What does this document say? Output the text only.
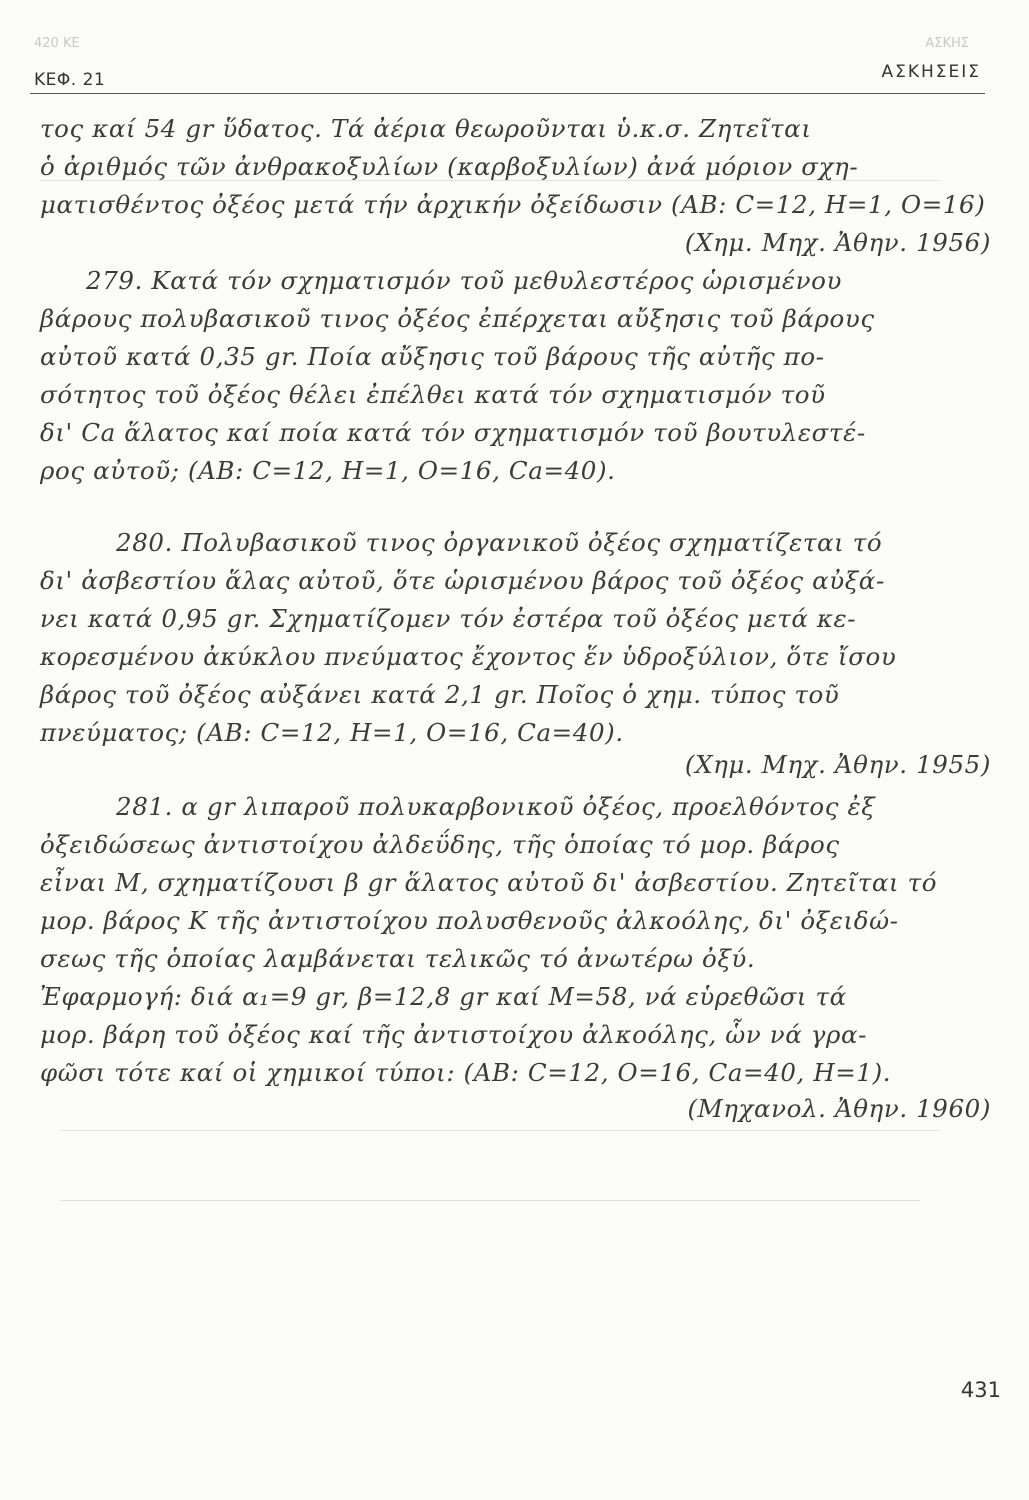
420 ΚΕ	ΑΣΚΗΣ
ΚΕΦ. 21	ΑΣΚΗΣΕΙΣ
τος καί 54 gr ὕδατος. Τά ἀέρια θεωροῦνται ὑ.κ.σ. Ζητεῖται
ὁ ἀριθμός τῶν ἀνθρακοξυλίων (καρβοξυλίων) ἀνά μόριον σχη-
ματισθέντος ὀξέος μετά τήν ἀρχικήν ὀξείδωσιν (ΑΒ: C=12, Η=1, O=16)
(Χημ. Μηχ. Ἀθην. 1956)
279. Κατά τόν σχηματισμόν τοῦ μεθυλεστέρος ὡρισμένου
βάρους πολυβασικοῦ τινος ὀξέος ἐπέρχεται αὔξησις τοῦ βάρους
αὐτοῦ κατά 0,35 gr. Ποία αὔξησις τοῦ βάρους τῆς αὐτῆς πο-
σότητος τοῦ ὀξέος θέλει ἐπέλθει κατά τόν σχηματισμόν τοῦ
δι' Ca ἅλατος καί ποία κατά τόν σχηματισμόν τοῦ βουτυλεστέ-
ρος αὐτοῦ; (ΑΒ: C=12, H=1, O=16, Ca=40).
280. Πολυβασικοῦ τινος ὀργανικοῦ ὀξέος σχηματίζεται τό
δι' ἀσβεστίου ἅλας αὐτοῦ, ὅτε ὡρισμένου βάρος τοῦ ὀξέος αὐξά-
νει κατά 0,95 gr. Σχηματίζομεν τόν ἐστέρα τοῦ ὀξέος μετά κε-
κορεσμένου ἀκύκλου πνεύματος ἔχοντος ἕν ὑδροξύλιον, ὅτε ἴσου
βάρος τοῦ ὀξέος αὐξάνει κατά 2,1 gr. Ποῖος ὁ χημ. τύπος τοῦ
πνεύματος; (ΑΒ: C=12, H=1, O=16, Ca=40).
(Χημ. Μηχ. Ἀθην. 1955)
281. α gr λιπαροῦ πολυκαρβονικοῦ ὀξέος, προελθόντος ἐξ
ὀξειδώσεως ἀντιστοίχου ἀλδεΰδης, τῆς ὁποίας τό μορ. βάρος
εἶναι Μ, σχηματίζουσι β gr ἅλατος αὐτοῦ δι' ἀσβεστίου. Ζητεῖται τό
μορ. βάρος Κ τῆς ἀντιστοίχου πολυσθενοῦς ἀλκοόλης, δι' ὀξειδώ-
σεως τῆς ὁποίας λαμβάνεται τελικῶς τό ἀνωτέρω ὀξύ.
Ἐφαρμογή: διά α₁=9 gr, β=12,8 gr καί Μ=58, νά εὑρεθῶσι τά
μορ. βάρη τοῦ ὀξέος καί τῆς ἀντιστοίχου ἀλκοόλης, ὧν νά γρα-
φῶσι τότε καί οἱ χημικοί τύποι: (ΑΒ: C=12, O=16, Ca=40, H=1).
(Μηχανολ. Ἀθην. 1960)
431
